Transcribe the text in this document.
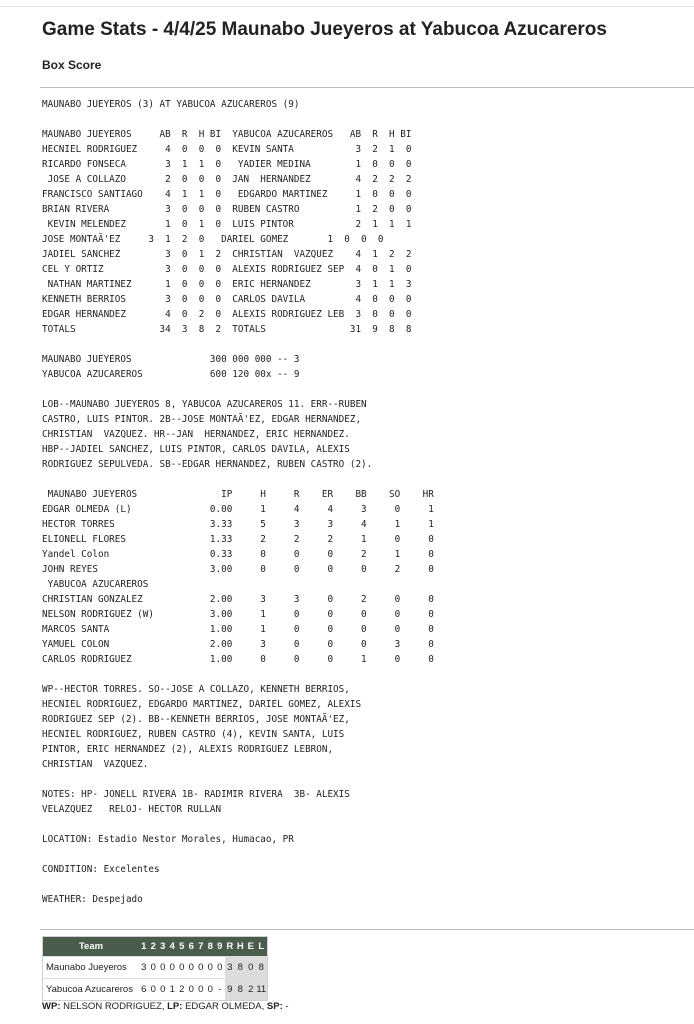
Game Stats - 4/4/25 Maunabo Jueyeros at Yabucoa Azucareros
Box Score
MAUNABO JUEYEROS (3) AT YABUCOA AZUCAREROS (9)

MAUNABO JUEYEROS     AB  R  H BI  YABUCOA AZUCAREROS   AB  R  H BI
HECNIEL RODRIGUEZ     4  0  0  0  KEVIN SANTA           3  2  1  0
RICARDO FONSECA       3  1  1  0   YADIER MEDINA        1  0  0  0
JOSE A COLLAZO       2  0  0  0  JAN  HERNANDEZ        4  2  2  2
FRANCISCO SANTIAGO    4  1  1  0   EDGARDO MARTINEZ     1  0  0  0
BRIAN RIVERA          3  0  0  0  RUBEN CASTRO          1  2  0  0
KEVIN MELENDEZ       1  0  1  0  LUIS PINTOR           2  1  1  1
JOSE MONTAÃ'EZ     3  1  2  0   DARIEL GOMEZ       1  0  0  0
JADIEL SANCHEZ        3  0  1  2  CHRISTIAN  VAZQUEZ    4  1  2  2
CEL Y ORTIZ           3  0  0  0  ALEXIS RODRIGUEZ SEP  4  0  1  0
NATHAN MARTINEZ      1  0  0  0  ERIC HERNANDEZ        3  1  1  3
KENNETH BERRIOS       3  0  0  0  CARLOS DAVILA         4  0  0  0
EDGAR HERNANDEZ       4  0  2  0  ALEXIS RODRIGUEZ LEB  3  0  0  0
TOTALS               34  3  8  2  TOTALS               31  9  8  8

MAUNABO JUEYEROS              300 000 000 -- 3
YABUCOA AZUCAREROS            600 120 00x -- 9

LOB--MAUNABO JUEYEROS 8, YABUCOA AZUCAREROS 11. ERR--RUBEN
CASTRO, LUIS PINTOR. 2B--JOSE MONTAÃ'EZ, EDGAR HERNANDEZ,
CHRISTIAN  VAZQUEZ. HR--JAN  HERNANDEZ, ERIC HERNANDEZ.
HBP--JADIEL SANCHEZ, LUIS PINTOR, CARLOS DAVILA, ALEXIS
RODRIGUEZ SEPULVEDA. SB--EDGAR HERNANDEZ, RUBEN CASTRO (2).

MAUNABO JUEYEROS               IP     H     R    ER    BB    SO    HR
EDGAR OLMEDA (L)              0.00     1     4     4     3     0     1
HECTOR TORRES                 3.33     5     3     3     4     1     1
ELIONELL FLORES               1.33     2     2     2     1     0     0
Yandel Colon                  0.33     0     0     0     2     1     0
JOHN REYES                    3.00     0     0     0     0     2     0
YABUCOA AZUCAREROS
CHRISTIAN GONZALEZ            2.00     3     3     0     2     0     0
NELSON RODRIGUEZ (W)          3.00     1     0     0     0     0     0
MARCOS SANTA                  1.00     1     0     0     0     0     0
YAMUEL COLON                  2.00     3     0     0     0     3     0
CARLOS RODRIGUEZ              1.00     0     0     0     1     0     0

WP--HECTOR TORRES. SO--JOSE A COLLAZO, KENNETH BERRIOS,
HECNIEL RODRIGUEZ, EDGARDO MARTINEZ, DARIEL GOMEZ, ALEXIS
RODRIGUEZ SEP (2). BB--KENNETH BERRIOS, JOSE MONTAÃ'EZ,
HECNIEL RODRIGUEZ, RUBEN CASTRO (4), KEVIN SANTA, LUIS
PINTOR, ERIC HERNANDEZ (2), ALEXIS RODRIGUEZ LEBRON,
CHRISTIAN  VAZQUEZ.

NOTES: HP- JONELL RIVERA 1B- RADIMIR RIVERA  3B- ALEXIS
VELAZQUEZ   RELOJ- HECTOR RULLAN

LOCATION: Estadio Nestor Morales, Humacao, PR

CONDITION: Excelentes

WEATHER: Despejado
Team	1	2	3	4	5	6	7	8	9	R	H	E	L
Maunabo Jueyeros	3	0	0	0	0	0	0	0	0	3	8	0	8
Yabucoa Azucareros	6	0	0	1	2	0	0	0	-	9	8	2	11
WP: NELSON RODRIGUEZ, LP: EDGAR OLMEDA, SP: -
